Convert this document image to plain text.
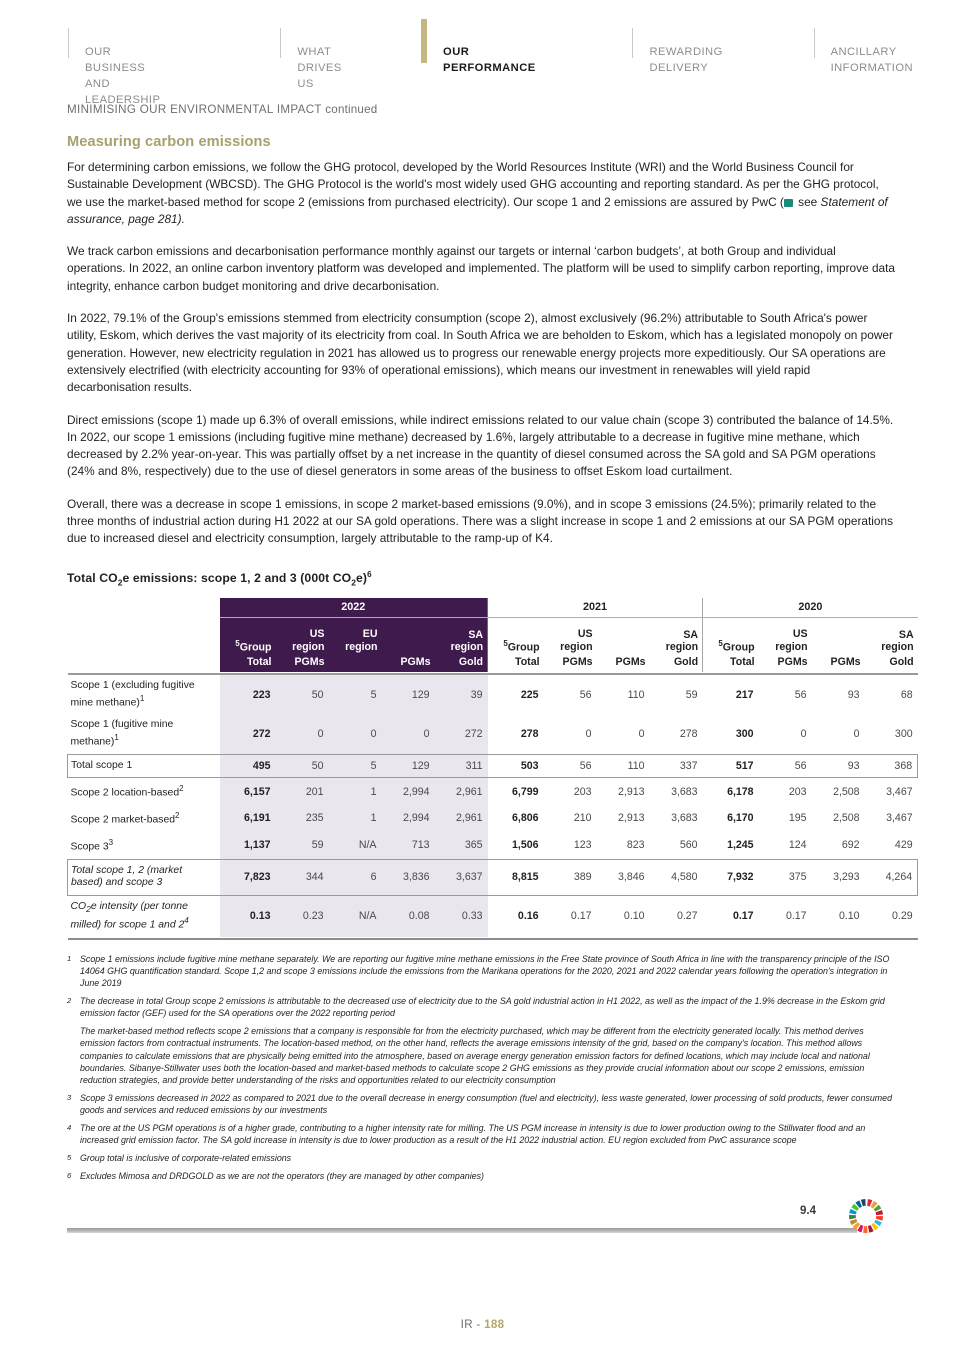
OUR BUSINESS
AND LEADERSHIP
WHAT
DRIVES US
OUR
PERFORMANCE
REWARDING
DELIVERY
ANCILLARY
INFORMATION
MINIMISING OUR ENVIRONMENTAL IMPACT continued
Measuring carbon emissions

For determining carbon emissions, we follow the GHG protocol, developed by the World Resources Institute (WRI) and the World Business Council for Sustainable Development (WBCSD). The GHG Protocol is the world's most widely used GHG accounting and reporting standard. As per the GHG protocol, we use the market-based method for scope 2 (emissions from purchased electricity). Our scope 1 and 2 emissions are assured by PwC ( see Statement of assurance, page 281).

We track carbon emissions and decarbonisation performance monthly against our targets or internal ‘carbon budgets’, at both Group and individual operations. In 2022, an online carbon inventory platform was developed and implemented. The platform will be used to simplify carbon reporting, improve data integrity, enhance carbon budget monitoring and drive decarbonisation.

In 2022, 79.1% of the Group's emissions stemmed from electricity consumption (scope 2), almost exclusively (96.2%) attributable to South Africa's power utility, Eskom, which derives the vast majority of its electricity from coal. In South Africa we are beholden to Eskom, which has a legislated monopoly on power generation. However, new electricity regulation in 2021 has allowed us to progress our renewable energy projects more expeditiously. Our SA operations are extensively electrified (with electricity accounting for 93% of operational emissions), which means our investment in renewables will yield rapid decarbonisation results.

Direct emissions (scope 1) made up 6.3% of overall emissions, while indirect emissions related to our value chain (scope 3) contributed the balance of 14.5%. In 2022, our scope 1 emissions (including fugitive mine methane) decreased by 1.6%, largely attributable to a decrease in fugitive mine methane, which decreased by 2.2% year-on-year. This was partially offset by a net increase in the quantity of diesel consumed across the SA gold and SA PGM operations (24% and 8%, respectively) due to the use of diesel generators in some areas of the business to offset Eskom load curtailment.

Overall, there was a decrease in scope 1 emissions, in scope 2 market-based emissions (9.0%), and in scope 3 emissions (24.5%); primarily related to the three months of industrial action during H1 2022 at our SA gold operations. There was a slight increase in scope 1 and 2 emissions at our SA PGM operations due to increased diesel and electricity consumption, largely attributable to the ramp-up of K4.

Total $CO_2e$ emissions: scope 1, 2 and 3 (000t $CO_2e)^6$
	2022					2021				2020			
	$^5$Group	US region	EU region		SA region	$^5$Group	US region		SA region	$^5$Group	US region		SA region
	Total	PGMs		PGMs	Gold	Total	PGMs	PGMs	Gold	Total	PGMs	PGMs	Gold

Scope 1 (excluding fugitive mine methane)$^1$	223	50	5	129	39	225	56	110	59	217	56	93	68
Scope 1 (fugitive mine methane)$^1$	272	0	0	0	272	278	0	0	278	300	0	0	300
Total scope 1	495	50	5	129	311	503	56	110	337	517	56	93	368
Scope 2 location-based$^2$	6,157	201	1	2,994	2,961	6,799	203	2,913	3,683	6,178	203	2,508	3,467
Scope 2 market-based$^2$	6,191	235	1	2,994	2,961	6,806	210	2,913	3,683	6,170	195	2,508	3,467
Scope $3^3$	1,137	59	N/A	713	365	1,506	123	823	560	1,245	124	692	429
Total scope 1, 2 (market based) and scope 3	7,823	344	6	3,836	3,637	8,815	389	3,846	4,580	7,932	375	3,293	4,264
$CO_2e$ intensity (per tonne milled) for scope 1 and $2^4$	0.13	0.23	N/A	0.08	0.33	0.16	0.17	0.10	0.27	0.17	0.17	0.10	0.29

1 Scope 1 emissions include fugitive mine methane separately. We are reporting our fugitive mine methane emissions in the Free State province of South Africa in line with the transparency principle of the ISO 14064 GHG quantification standard. Scope 1,2 and scope 3 emissions include the emissions from the Marikana operations for the 2020, 2021 and 2022 calendar years following the operation's integration in June 2019
2 The decrease in total Group scope 2 emissions is attributable to the decreased use of electricity due to the SA gold industrial action in H1 2022, as well as the impact of the 1.9% decrease in the Eskom grid emission factor (GEF) used for the SA operations over the 2022 reporting period
The market-based method reflects scope 2 emissions that a company is responsible for from the electricity purchased, which may be different from the electricity generated locally. This method derives emission factors from contractual instruments. The location-based method, on the other hand, reflects the average emissions intensity of the grid, based on the company's location. This method allows companies to calculate emissions that are physically being emitted into the atmosphere, based on average energy generation emission factors for defined locations, which may include local and national boundaries. Sibanye-Stillwater uses both the location-based and market-based methods to calculate scope 2 GHG emissions as they provide crucial information about our scope 2 emissions, emission reduction strategies, and provide better understanding of the risks and opportunities related to our electricity consumption
3 Scope 3 emissions decreased in 2022 as compared to 2021 due to the overall decrease in energy consumption (fuel and electricity), less waste generated, lower processing of sold products, fewer consumed goods and services and reduced emissions by our investments
4 The ore at the US PGM operations is of a higher grade, contributing to a higher intensity rate for milling. The US PGM increase in intensity is due to lower production owing to the Stillwater flood and an increased grid emission factor. The SA gold increase in intensity is due to lower production as a result of the H1 2022 industrial action. EU region excluded from PwC assurance scope
5 Group total is inclusive of corporate-related emissions
6 Excludes Mimosa and DRDGOLD as we are not the operators (they are managed by other companies)
9.4
IR - 188
